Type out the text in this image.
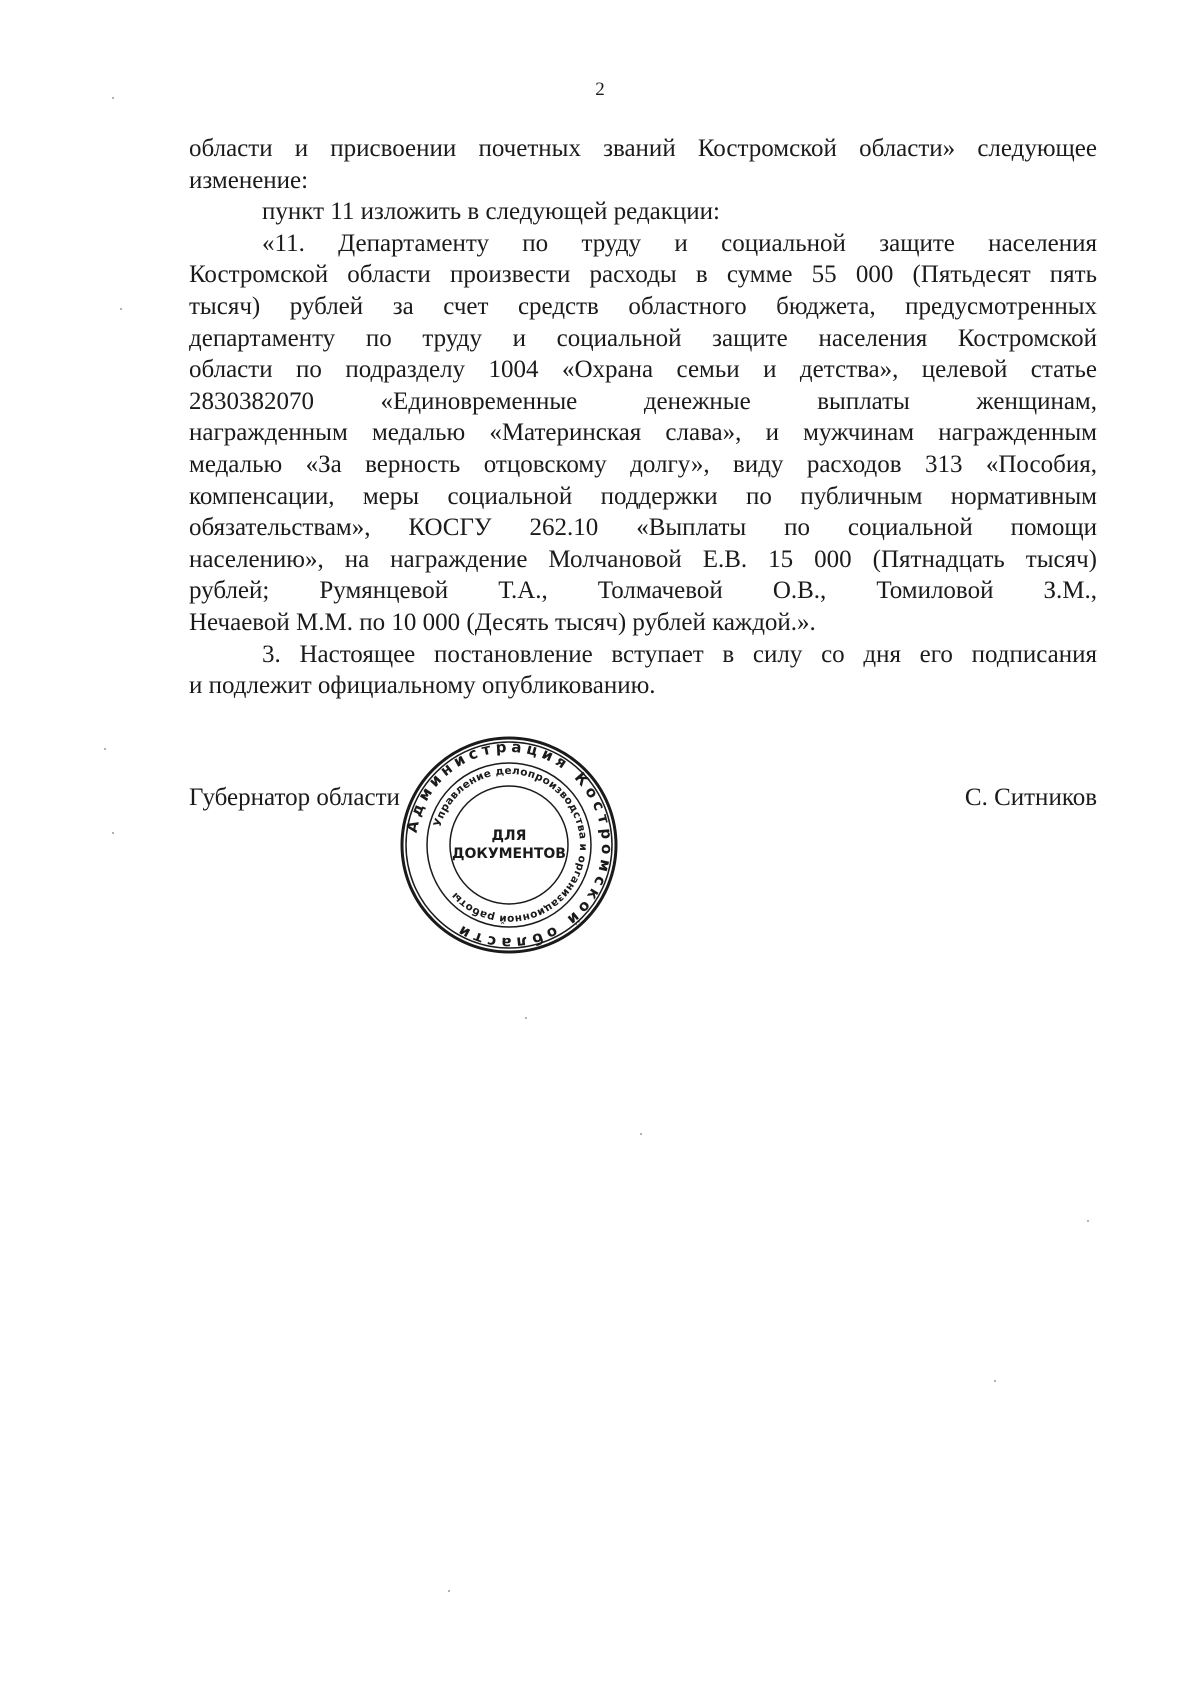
2

области и присвоении почетных званий Костромской области» следующее
изменение:

пункт 11 изложить в следующей редакции:

«11. Департаменту по труду и социальной защите населения
Костромской области произвести расходы в сумме 55 000 (Пятьдесят пять
тысяч) рублей за счет средств областного бюджета, предусмотренных
департаменту по труду и социальной защите населения Костромской
области по подразделу 1004 «Охрана семьи и детства», целевой статье
2830382070 «Единовременные денежные выплаты женщинам,
награжденным медалью «Материнская слава», и мужчинам награжденным
медалью «За верность отцовскому долгу», виду расходов 313 «Пособия,
компенсации, меры социальной поддержки по публичным нормативным
обязательствам», КОСГУ 262.10 «Выплаты по социальной помощи
населению», на награждение Молчановой Е.В. 15 000 (Пятнадцать тысяч)
рублей; Румянцевой Т.А., Толмачевой О.В., Томиловой З.М.,
Нечаевой М.М. по 10 000 (Десять тысяч) рублей каждой.».

3. Настоящее постановление вступает в силу со дня его подписания
и подлежит официальному опубликованию.

Губернатор области	С. Ситников
Администрация Костромской области
Управление делопроизводства и организационной работы
ДЛЯ
ДОКУМЕНТОВ
